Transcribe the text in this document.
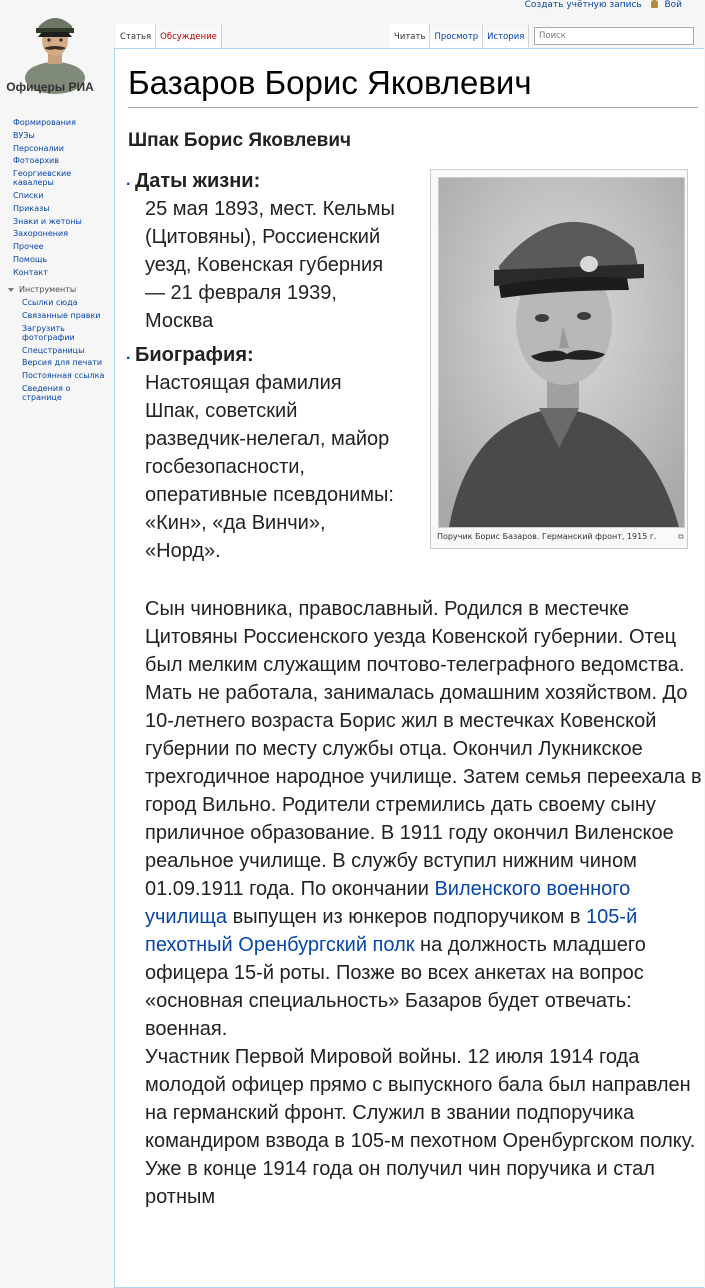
Создать учётную запись	Вой
Офицеры РИА
Формирования
ВУЗы
Персоналии
Фотоархив
Георгиевские кавалеры
Списки
Приказы
Знаки и жетоны
Захоронения
Прочее
Помощь
Контакт
Инструменты
Ссылки сюда
Связанные правки
Загрузить фотографии
Спецстраницы
Версия для печати
Постоянная ссылка
Сведения о странице
Статья	Обсуждение	Читать	Просмотр	История	Поиск
Базаров Борис Яковлевич
Шпак Борис Яковлевич
Поручик Борис Базаров. Германский фронт, 1915 г.	⧉
. Даты жизни:
25 мая 1893, мест. Кельмы (Цитовяны), Россиенский уезд, Ковенская губерния — 21 февраля 1939, Москва
. Биография:
Настоящая фамилия Шпак, советский разведчик-нелегал, майор госбезопасности, оперативные псевдонимы: «Кин», «да Винчи», «Норд».

Сын чиновника, православный. Родился в местечке Цитовяны Россиенского уезда Ковенской губернии. Отец был мелким служащим почтово-телеграфного ведомства. Мать не работала, занималась домашним хозяйством. До 10-летнего возраста Борис жил в местечках Ковенской губернии по месту службы отца. Окончил Лукникское трехгодичное народное училище. Затем семья переехала в город Вильно. Родители стремились дать своему сыну приличное образование. В 1911 году окончил Виленское реальное училище. В службу вступил нижним чином 01.09.1911 года. По окончании Виленского военного училища выпущен из юнкеров подпоручиком в 105-й пехотный Оренбургский полк на должность младшего офицера 15-й роты. Позже во всех анкетах на вопрос «основная специальность» Базаров будет отвечать: военная.

Участник Первой Мировой войны. 12 июля 1914 года молодой офицер прямо с выпускного бала был направлен на германский фронт. Служил в звании подпоручика командиром взвода в 105-м пехотном Оренбургском полку. Уже в конце 1914 года он получил чин поручика и стал ротным
